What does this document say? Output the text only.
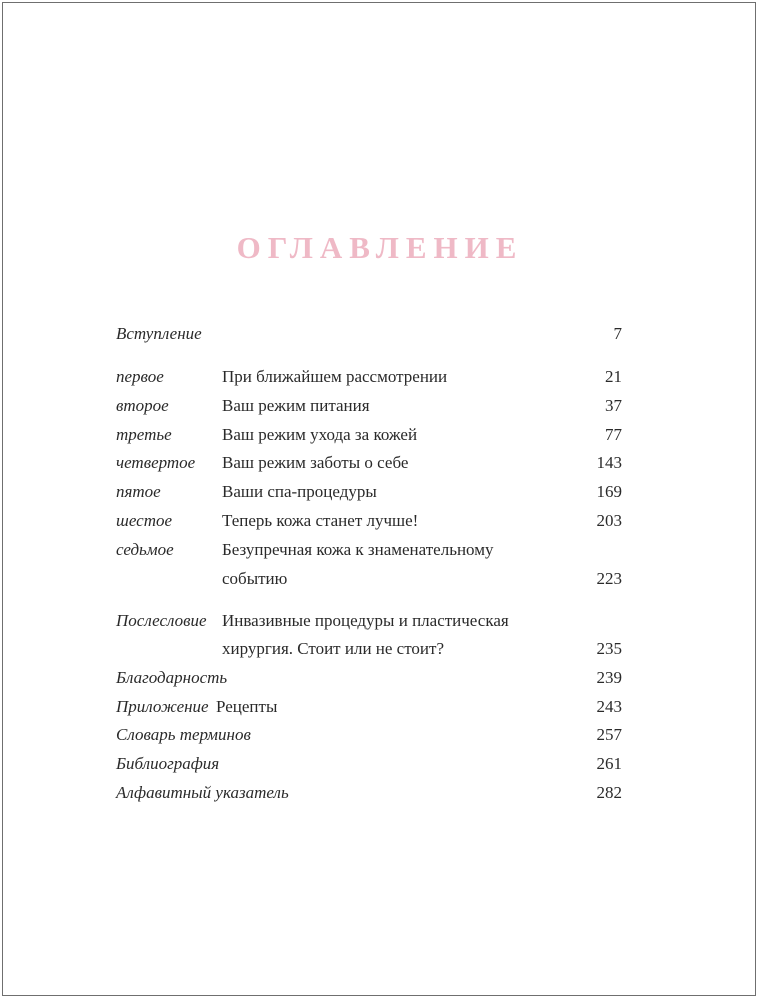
ОГЛАВЛЕНИЕ
Вступление	7
первое	При ближайшем рассмотрении	21
второе	Ваш режим питания	37
третье	Ваш режим ухода за кожей	77
четвертое Ваш режим заботы о себе	143
пятое	Ваши спа-процедуры	169
шестое	Теперь кожа станет лучше!	203
седьмое	Безупречная кожа к знаменательному
событию	223
Послесловие Инвазивные процедуры и пластическая
хирургия. Стоит или не стоит?	235
Благодарность	239
Приложение Рецепты	243
Словарь терминов	257
Библиография	261
Алфавитный указатель	282
